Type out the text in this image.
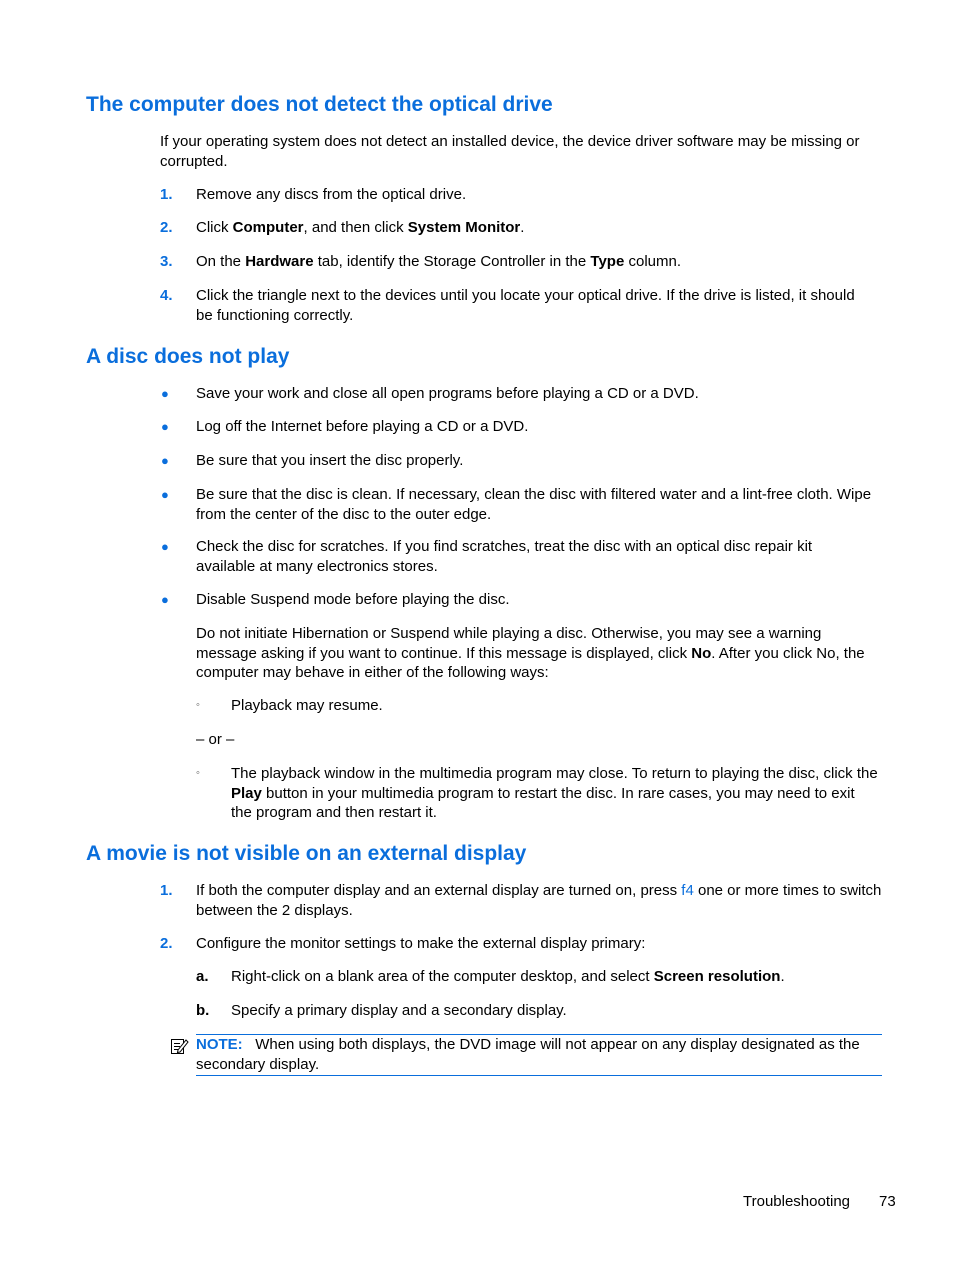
The computer does not detect the optical drive

If your operating system does not detect an installed device, the device driver software may be missing or corrupted.

1. Remove any discs from the optical drive.
2. Click Computer, and then click System Monitor.
3. On the Hardware tab, identify the Storage Controller in the Type column.
4. Click the triangle next to the devices until you locate your optical drive. If the drive is listed, it should be functioning correctly.
A disc does not play
● Save your work and close all open programs before playing a CD or a DVD.
● Log off the Internet before playing a CD or a DVD.
● Be sure that you insert the disc properly.
● Be sure that the disc is clean. If necessary, clean the disc with filtered water and a lint-free cloth. Wipe from the center of the disc to the outer edge.
● Check the disc for scratches. If you find scratches, treat the disc with an optical disc repair kit available at many electronics stores.
● Disable Suspend mode before playing the disc.
Do not initiate Hibernation or Suspend while playing a disc. Otherwise, you may see a warning message asking if you want to continue. If this message is displayed, click No. After you click No, the computer may behave in either of the following ways:
◦ Playback may resume.
– or –
◦ The playback window in the multimedia program may close. To return to playing the disc, click the Play button in your multimedia program to restart the disc. In rare cases, you may need to exit the program and then restart it.
A movie is not visible on an external display
1. If both the computer display and an external display are turned on, press f4 one or more times to switch between the 2 displays.
2. Configure the monitor settings to make the external display primary:
a. Right-click on a blank area of the computer desktop, and select Screen resolution.
b. Specify a primary display and a secondary display.
NOTE: When using both displays, the DVD image will not appear on any display designated as the secondary display.
Troubleshooting 73
